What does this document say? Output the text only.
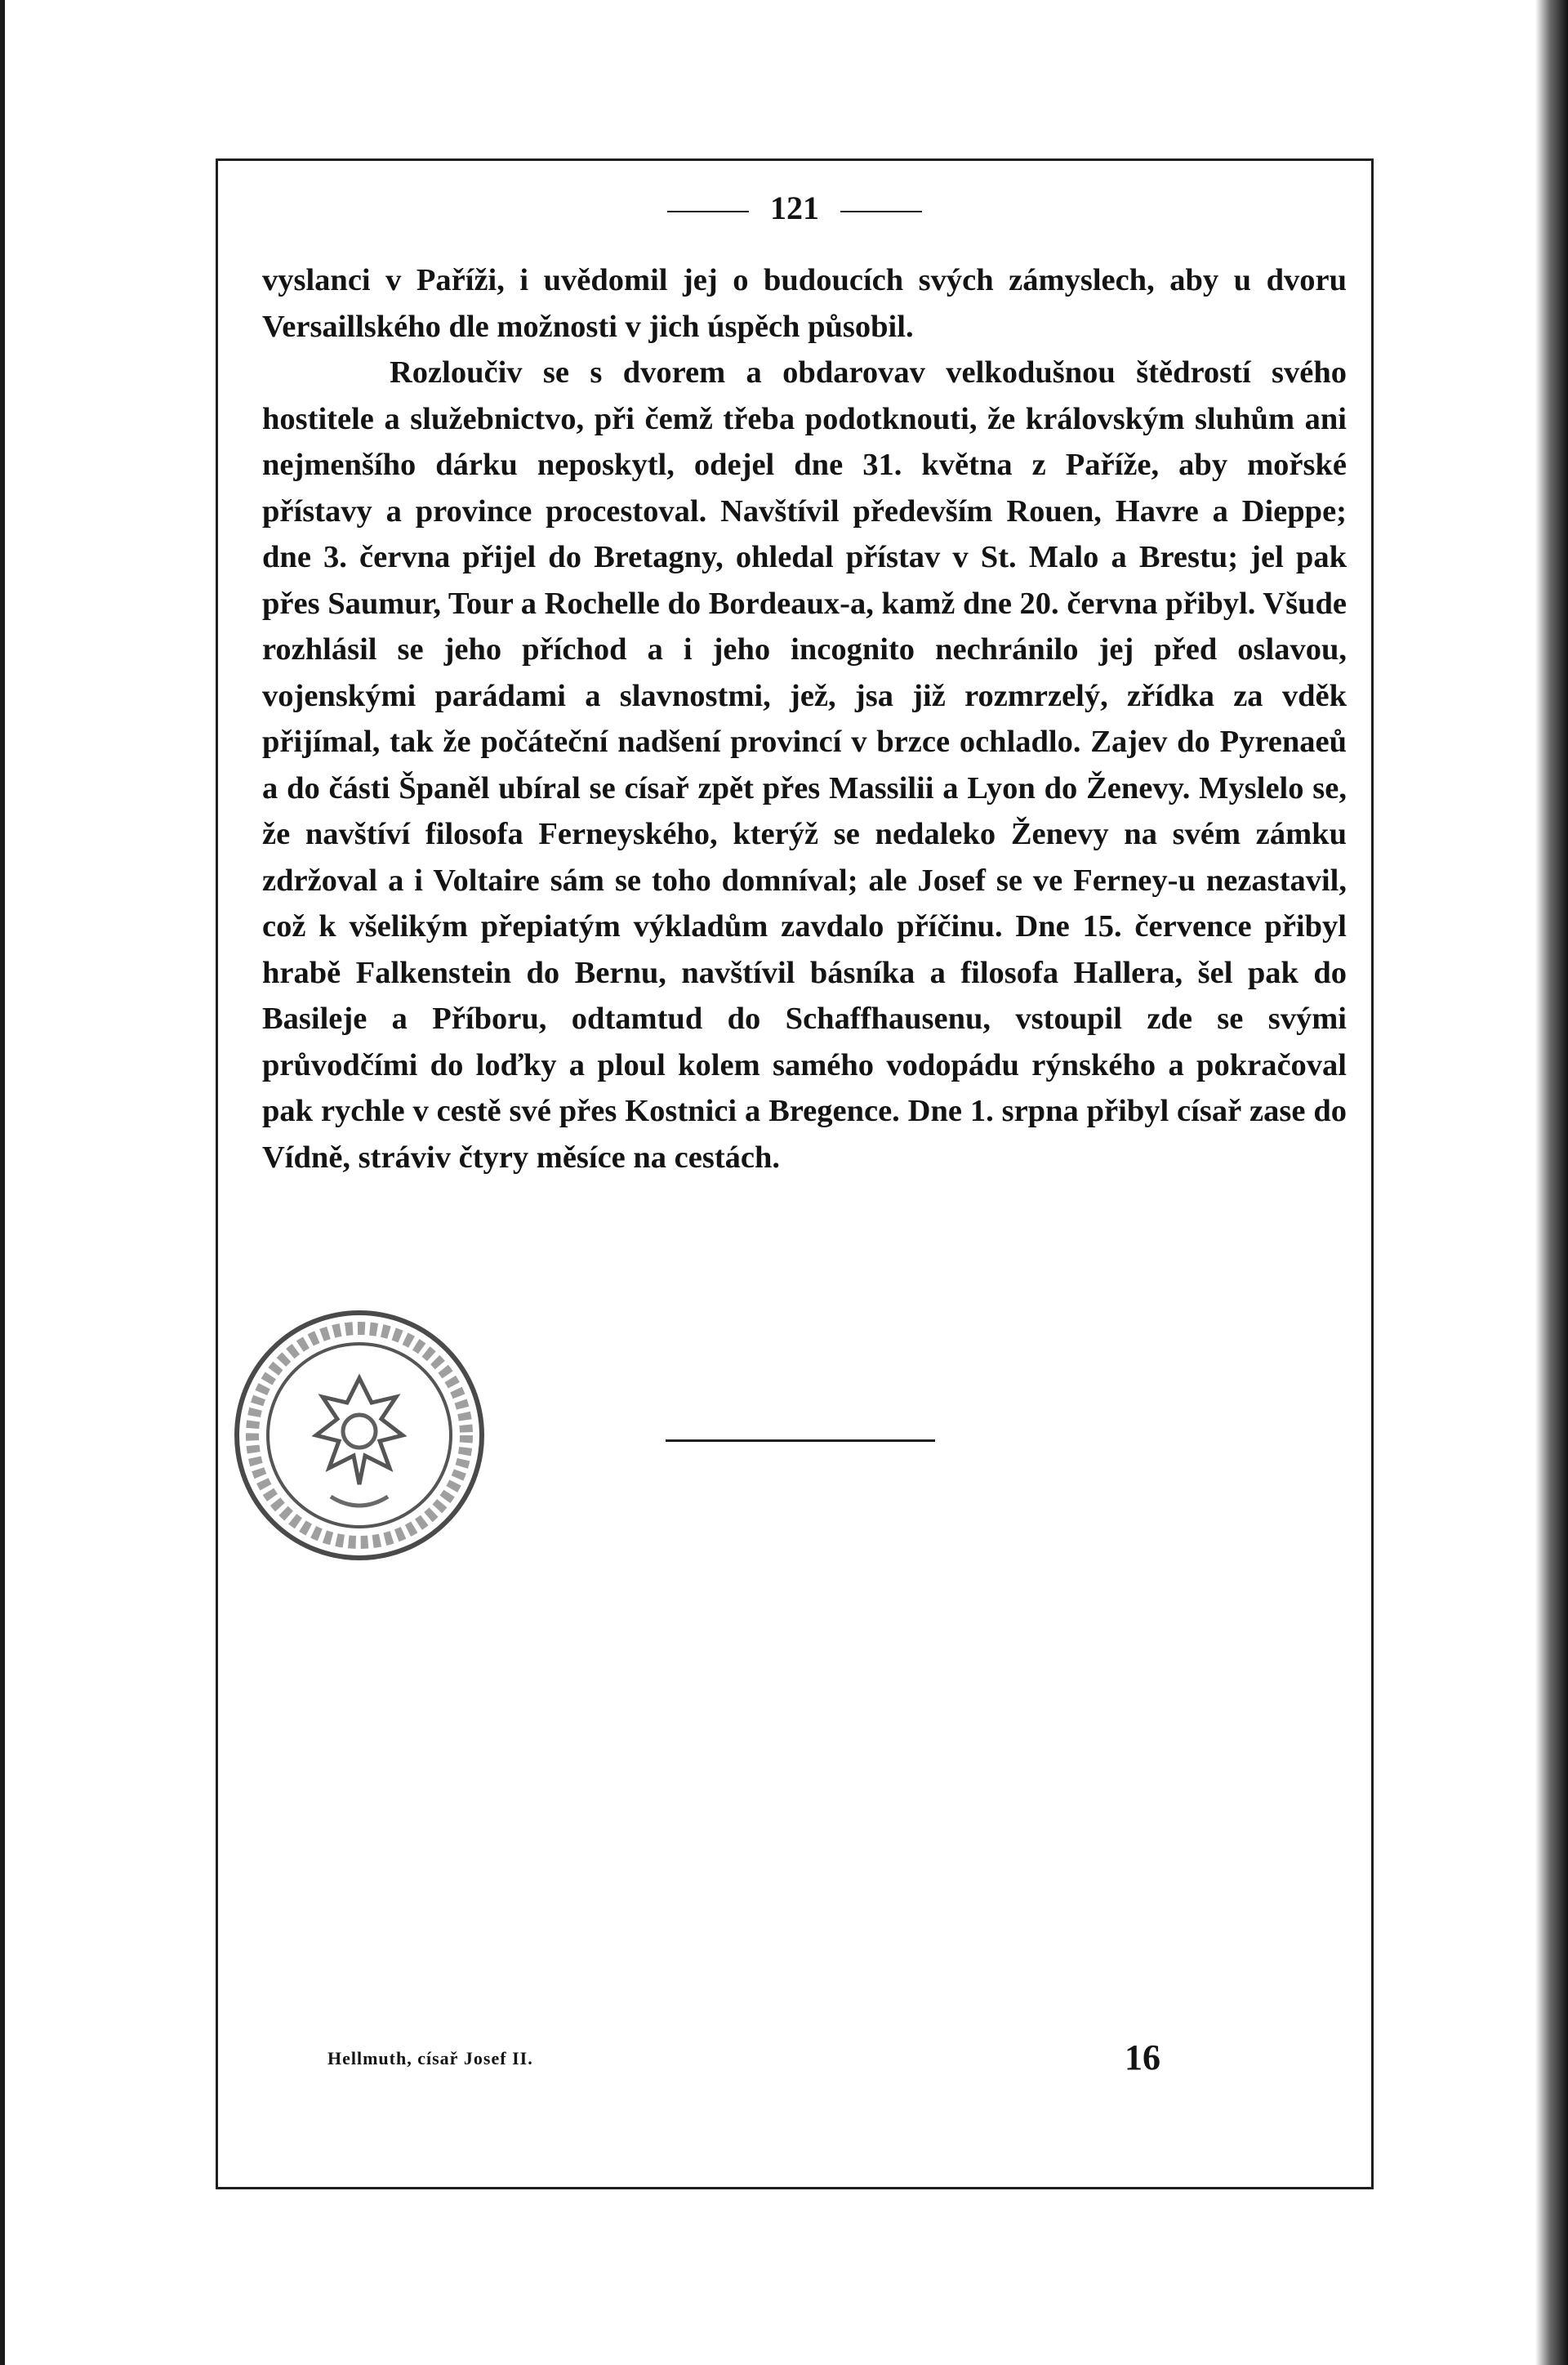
121

vyslanci v Paříži, i uvědomil jej o budoucích svých zámyslech, aby u dvoru Versaillského dle možnosti v jich úspěch působil.

Rozloučiv se s dvorem a obdarovav velkodušnou štědrostí svého hostitele a služebnictvo, při čemž třeba podotknouti, že královským sluhům ani nejmenšího dárku neposkytl, odejel dne 31. května z Paříže, aby mořské přístavy a province procestoval. Navštívil především Rouen, Havre a Dieppe; dne 3. června přijel do Bretagny, ohledal přístav v St. Malo a Brestu; jel pak přes Saumur, Tour a Rochelle do Bordeaux-a, kamž dne 20. června přibyl. Všude rozhlásil se jeho příchod a i jeho incognito nechránilo jej před oslavou, vojenskými parádami a slavnostmi, jež, jsa již rozmrzelý, zřídka za vděk přijímal, tak že počáteční nadšení provincí v brzce ochladlo. Zajev do Pyrenaeů a do části Španěl ubíral se císař zpět přes Massilii a Lyon do Ženevy. Myslelo se, že navštíví filosofa Ferneyského, kterýž se nedaleko Ženevy na svém zámku zdržoval a i Voltaire sám se toho domníval; ale Josef se ve Ferney-u nezastavil, což k všelikým přepiatým výkladům zavdalo příčinu. Dne 15. července přibyl hrabě Falkenstein do Bernu, navštívil básníka a filosofa Hallera, šel pak do Basileje a Příboru, odtamtud do Schaffhausenu, vstoupil zde se svými průvodčími do loďky a ploul kolem samého vodopádu rýnského a pokračoval pak rychle v cestě své přes Kostnici a Bregence. Dne 1. srpna přibyl císař zase do Vídně, stráviv čtyry měsíce na cestách.

Hellmuth, císař Josef II.	16
